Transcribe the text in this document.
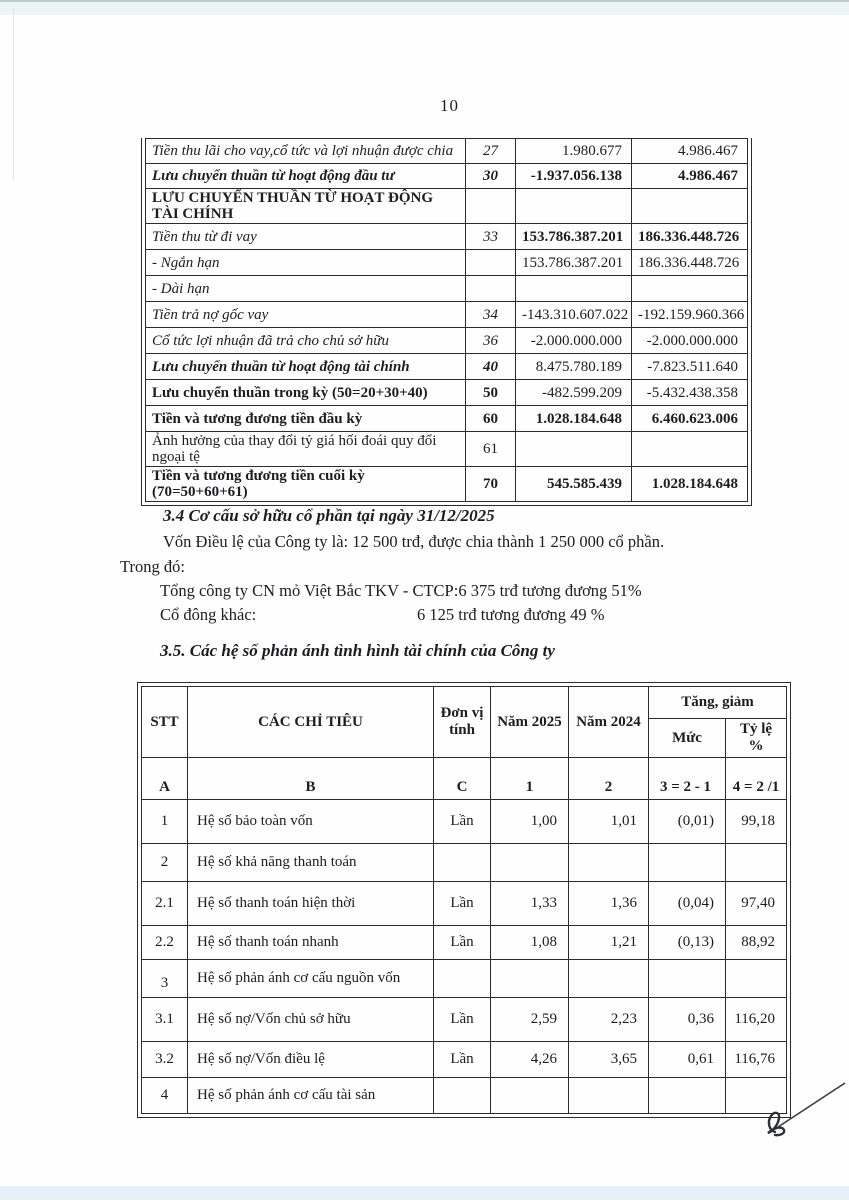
10
Tiền thu lãi cho vay,cổ tức và lợi nhuận được chia	27	1.980.677	4.986.467
Lưu chuyển thuần từ hoạt động đầu tư	30	-1.937.056.138	4.986.467
LƯU CHUYỂN THUẦN TỪ HOẠT ĐỘNG TÀI CHÍNH			
Tiền thu từ đi vay	33	153.786.387.201	186.336.448.726
- Ngắn hạn		153.786.387.201	186.336.448.726
- Dài hạn			
Tiền trả nợ gốc vay	34	-143.310.607.022	-192.159.960.366
Cổ tức lợi nhuận đã trả cho chủ sở hữu	36	-2.000.000.000	-2.000.000.000
Lưu chuyển thuần từ hoạt động tài chính	40	8.475.780.189	-7.823.511.640
Lưu chuyển thuần trong kỳ (50=20+30+40)	50	-482.599.209	-5.432.438.358
Tiền và tương đương tiền đầu kỳ	60	1.028.184.648	6.460.623.006
Ảnh hưởng của thay đổi tỷ giá hối đoái quy đổi ngoại tệ	61		
Tiền và tương đương tiền cuối kỳ (70=50+60+61)	70	545.585.439	1.028.184.648
3.4 Cơ cấu sở hữu cổ phần tại ngày 31/12/2025
Vốn Điều lệ của Công ty là: 12 500 trđ, được chia thành 1 250 000 cổ phần.
Trong đó:
Tổng công ty CN mỏ Việt Bắc TKV - CTCP: 6 375 trđ tương đương 51%
Cổ đông khác:	6 125 trđ tương đương 49 %
3.5. Các hệ số phản ánh tình hình tài chính của Công ty
STT	CÁC CHỈ TIÊU	Đơn vị tính	Năm 2025	Năm 2024	Tăng, giảm	
					Mức	Tỷ lệ %
A	B	C	1	2	3 = 2 - 1	4 = 2 /1
1	Hệ số bảo toàn vốn	Lần	1,00	1,01	(0,01)	99,18
2	Hệ số khả năng thanh toán					
2.1	Hệ số thanh toán hiện thời	Lần	1,33	1,36	(0,04)	97,40
2.2	Hệ số thanh toán nhanh	Lần	1,08	1,21	(0,13)	88,92
3	Hệ số phản ánh cơ cấu nguồn vốn					
3.1	Hệ số nợ/Vốn chủ sở hữu	Lần	2,59	2,23	0,36	116,20
3.2	Hệ số nợ/Vốn điều lệ	Lần	4,26	3,65	0,61	116,76
4	Hệ số phản ánh cơ cấu tài sản					
